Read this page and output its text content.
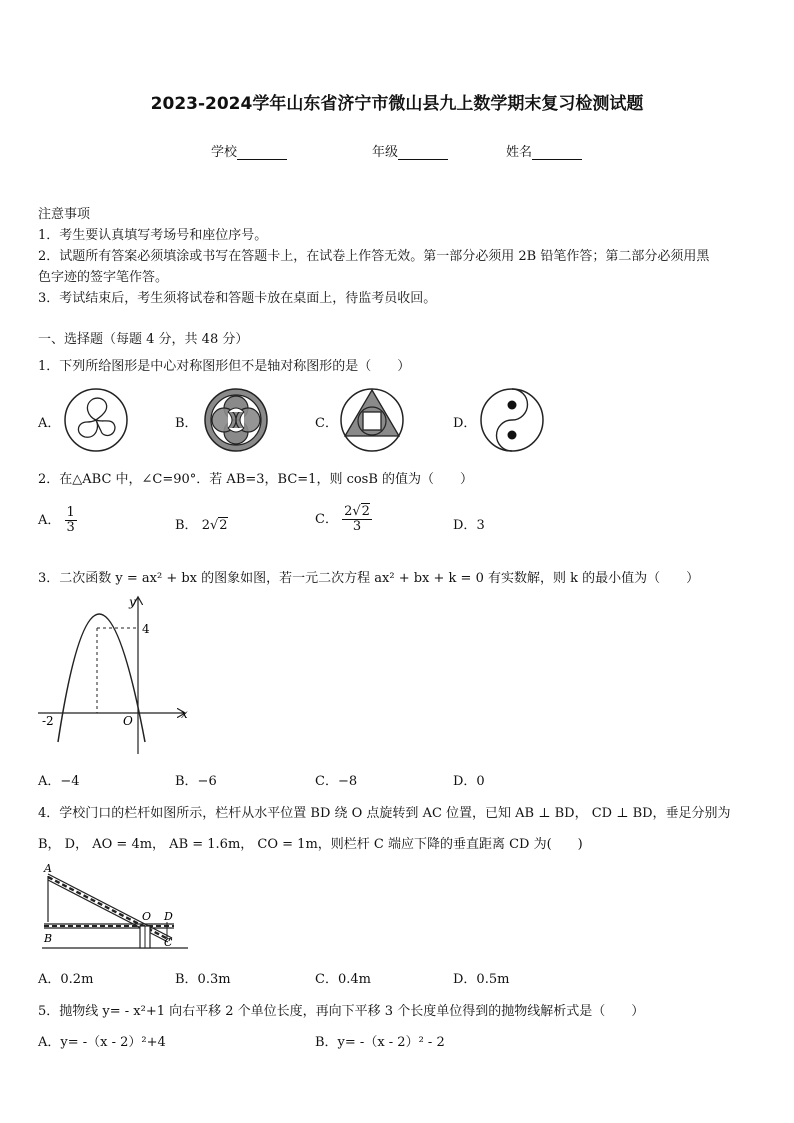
2023-2024学年山东省济宁市微山县九上数学期末复习检测试题
学校	年级	姓名
注意事项
1．考生要认真填写考场号和座位序号。
2．试题所有答案必须填涂或书写在答题卡上，在试卷上作答无效。第一部分必须用 2B 铅笔作答；第二部分必须用黑
色字迹的签字笔作答。
3．考试结束后，考生须将试卷和答题卡放在桌面上，待监考员收回。
一、选择题（每题 4 分，共 48 分）
1．下列所给图形是中心对称图形但不是轴对称图形的是（　　）
A．	B．	C．	D．
2．在△ABC 中，∠C=90°．若 AB=3，BC=1，则 cosB 的值为（　　）
A． $\frac{1}{3}$	B． 2√2	C． $\frac{2√2}{3}$	D．3
3．二次函数 y = ax² + bx 的图象如图，若一元二次方程 ax² + bx + k = 0 有实数解，则 k 的最小值为（　　）
y
x
O
-2
4
A．−4	B．−6	C．−8	D．0
4．学校门口的栏杆如图所示，栏杆从水平位置 BD 绕 O 点旋转到 AC 位置，已知 AB ⊥ BD， CD ⊥ BD，垂足分别为
B， D， AO = 4m， AB = 1.6m， CO = 1m，则栏杆 C 端应下降的垂直距离 CD 为(　　)
A
B
O D
C
A．0.2m	B．0.3m	C．0.4m	D．0.5m
5．抛物线 y= - x²+1 向右平移 2 个单位长度，再向下平移 3 个长度单位得到的抛物线解析式是（　　）
A．y= -（x - 2）²+4	B．y= -（x - 2）² - 2
